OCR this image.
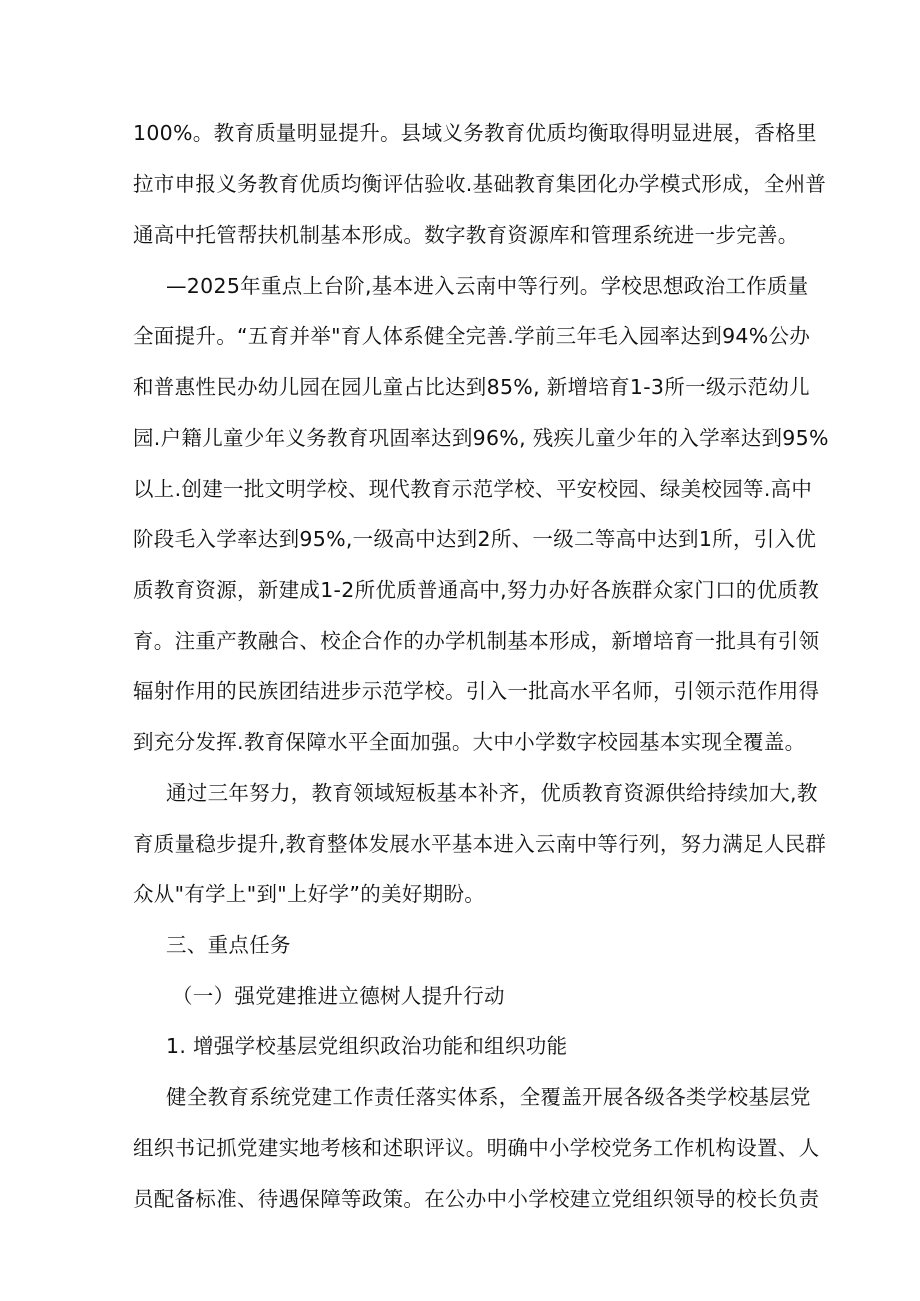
100%。教育质量明显提升。县域义务教育优质均衡取得明显进展，香格里
拉市申报义务教育优质均衡评估验收.基础教育集团化办学模式形成，全州普
通高中托管帮扶机制基本形成。数字教育资源库和管理系统进一步完善。
—2025年重点上台阶,基本进入云南中等行列。学校思想政治工作质量
全面提升。“五育并举"育人体系健全完善.学前三年毛入园率达到94%公办
和普惠性民办幼儿园在园儿童占比达到85%, 新增培育1-3所一级示范幼儿
园.户籍儿童少年义务教育巩固率达到96%, 残疾儿童少年的入学率达到95%
以上.创建一批文明学校、现代教育示范学校、平安校园、绿美校园等.高中
阶段毛入学率达到95%,一级高中达到2所、一级二等高中达到1所，引入优
质教育资源，新建成1-2所优质普通高中,努力办好各族群众家门口的优质教
育。注重产教融合、校企合作的办学机制基本形成，新增培育一批具有引领
辐射作用的民族团结进步示范学校。引入一批高水平名师，引领示范作用得
到充分发挥.教育保障水平全面加强。大中小学数字校园基本实现全覆盖。
通过三年努力，教育领域短板基本补齐，优质教育资源供给持续加大,教
育质量稳步提升,教育整体发展水平基本进入云南中等行列，努力满足人民群
众从"有学上"到"上好学”的美好期盼。
三、重点任务
（一）强党建推进立德树人提升行动
1. 增强学校基层党组织政治功能和组织功能
健全教育系统党建工作责任落实体系，全覆盖开展各级各类学校基层党
组织书记抓党建实地考核和述职评议。明确中小学校党务工作机构设置、人
员配备标准、待遇保障等政策。在公办中小学校建立党组织领导的校长负责
